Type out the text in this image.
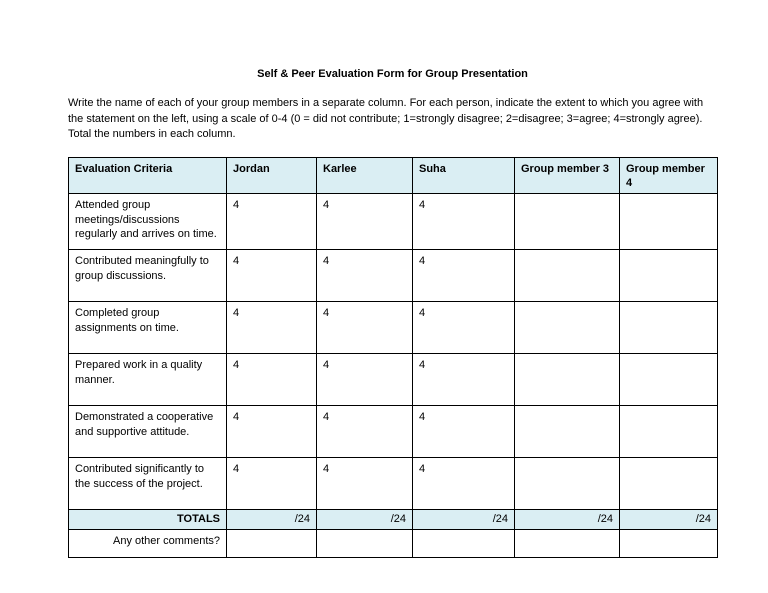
Self & Peer Evaluation Form for Group Presentation

Write the name of each of your group members in a separate column. For each person, indicate the extent to which you agree with the statement on the left, using a scale of 0-4 (0 = did not contribute; 1=strongly disagree; 2=disagree; 3=agree; 4=strongly agree). Total the numbers in each column.

Evaluation Criteria	Jordan	Karlee	Suha	Group member 3	Group member 4
Attended group meetings/discussions regularly and arrives on time.	4	4	4		
Contributed meaningfully to group discussions.	4	4	4		
Completed group assignments on time.	4	4	4		
Prepared work in a quality manner.	4	4	4		
Demonstrated a cooperative and supportive attitude.	4	4	4		
Contributed significantly to the success of the project.	4	4	4		
TOTALS	/24	/24	/24	/24	/24
Any other comments?					
